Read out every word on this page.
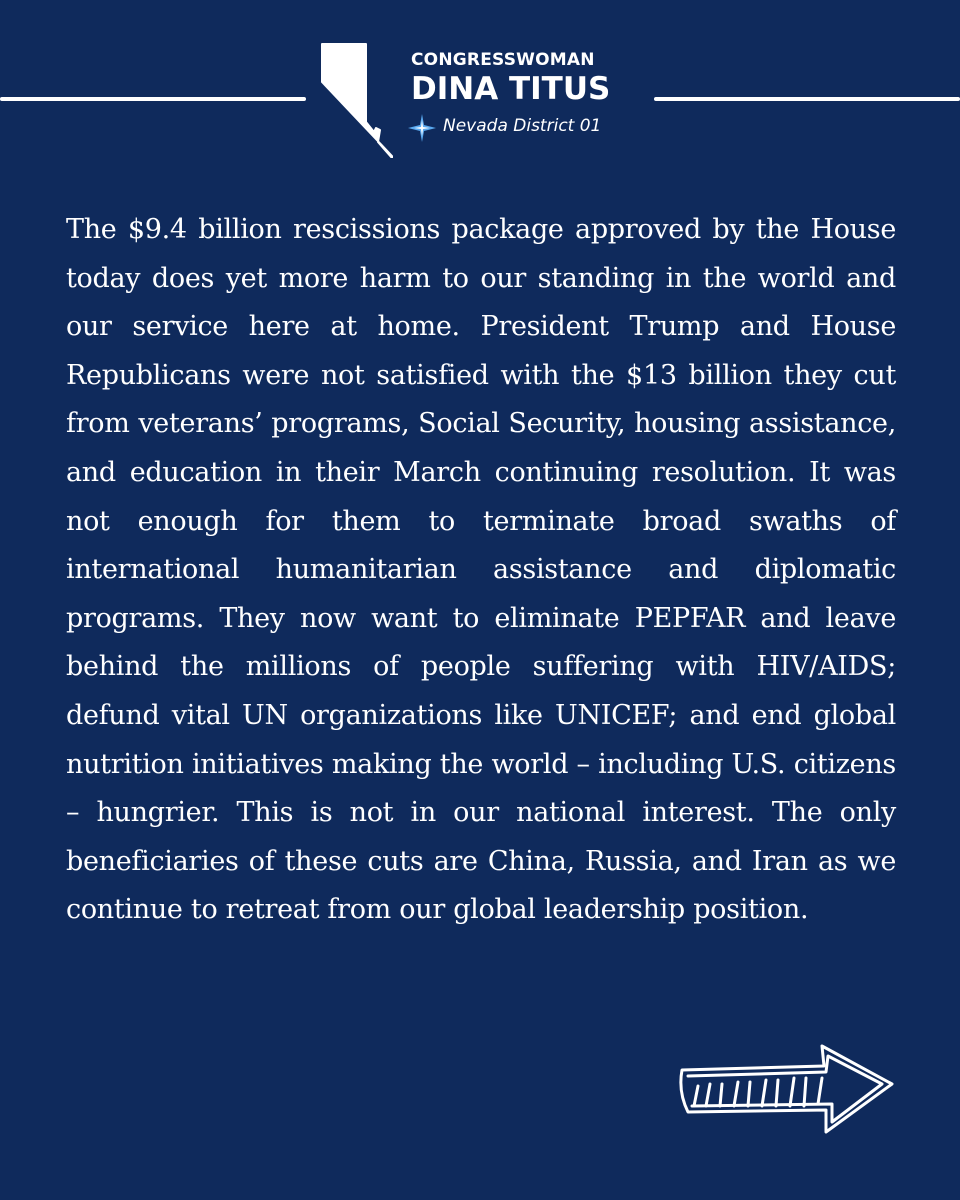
CONGRESSWOMAN
DINA TITUS
Nevada District 01

The $9.4 billion rescissions package approved by the House today does yet more harm to our standing in the world and our service here at home. President Trump and House Republicans were not satisfied with the $13 billion they cut from veterans’ programs, Social Security, housing assistance, and education in their March continuing resolution. It was not enough for them to terminate broad swaths of international humanitarian assistance and diplomatic programs. They now want to eliminate PEPFAR and leave behind the millions of people suffering with HIV/AIDS; defund vital UN organizations like UNICEF; and end global nutrition initiatives making the world – including U.S. citizens – hungrier. This is not in our national interest. The only beneficiaries of these cuts are China, Russia, and Iran as we continue to retreat from our global leadership position.
